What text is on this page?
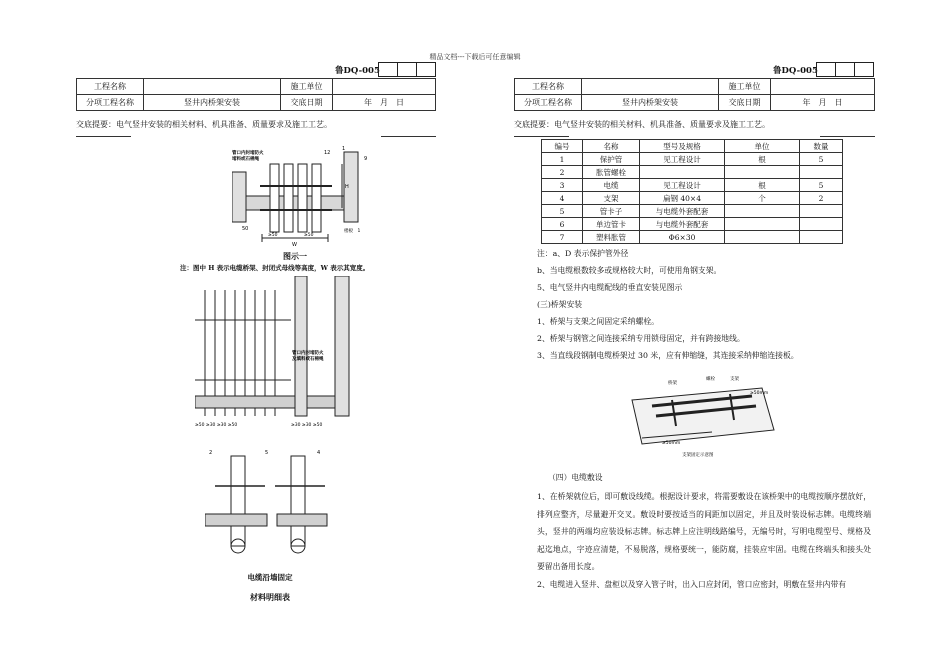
精品文档---下载后可任意编辑
鲁DQ-005
工程名称		施工单位	
分项工程名称	竖井内桥架安装	交底日期	年　月　日
交底提要：电气竖井安装的相关材料、机具准备、质量要求及施工工艺。
管口内封堵防火堵料或石棉绳
12
1
9
50
H
W
≥50	≥50
楼板　1
图示一
注：图中 H 表示电缆桥架、封闭式母线等高度，W 表示其宽度。
管口内封堵防火及填料或石棉绳
≥50 ≥30 ≥30 ≥50	≥30 ≥30 ≥50
2	5	4
电缆沿墙固定
材料明细表
鲁DQ-005
工程名称		施工单位	
分项工程名称	竖井内桥架安装	交底日期	年　月　日
交底提要：电气竖井安装的相关材料、机具准备、质量要求及施工工艺。
编号	名称	型号及规格	单位	数量
1	保护管	见工程设计	根	5
2	胀管螺栓			
3	电缆	见工程设计	根	5
4	支架	扁钢 40×4	个	2
5	管卡子	与电缆外套配套		
6	单边管卡	与电缆外套配套		
7	塑料胀管	Φ6×30		
注：a、D 表示保护管外径
b、当电缆根数较多或规格较大时，可使用角钢支架。
5、电气竖井内电缆配线的垂直安装见图示
(三)桥架安装
1、桥架与支架之间固定采纳螺栓。
2、桥架与钢管之间连接采纳专用锁母固定，并有跨接地线。
3、当直线段钢制电缆桥架过 30 米，应有伸缩缝，其连接采纳伸缩连接板。
桥架
螺栓	支架
≥50mm
≥50mm
支架固定示意图
（四）电缆敷设
1、在桥架就位后，即可敷设线缆。根据设计要求，将需要敷设在该桥架中的电缆按顺序摆放好，排列应整齐，尽量避开交叉。敷设时要按适当的间距加以固定，并且及时装设标志牌。电缆终端头，竖井的两端均应装设标志牌。标志牌上应注明线路编号，无编号时，写明电缆型号、规格及起迄地点，字迹应清楚，不易脱落，规格要统一，能防腐，挂装应牢固。电缆在终端头和接头处要留出备用长度。
2、电缆进入竖井、盘柜以及穿入管子时，出入口应封闭，管口应密封，明敷在竖井内带有
